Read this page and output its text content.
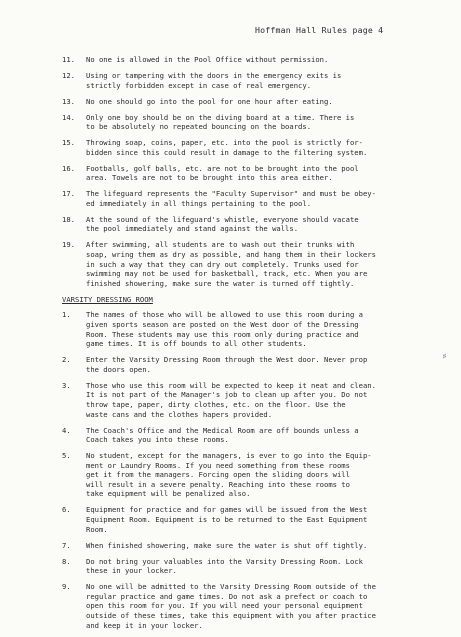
Hoffman Hall Rules page 4
11.	No one is allowed in the Pool Office without permission.
12.	Using or tampering with the doors in the emergency exits is
strictly forbidden except in case of real emergency.
13.	No one should go into the pool for one hour after eating.
14.	Only one boy should be on the diving board at a time. There is
to be absolutely no repeated bouncing on the boards.
15.	Throwing soap, coins, paper, etc. into the pool is strictly for-
bidden since this could result in damage to the filtering system.
16.	Footballs, golf balls, etc. are not to be brought into the pool
area. Towels are not to be brought into this area either.
17.	The lifeguard represents the "Faculty Supervisor" and must be obey-
ed immediately in all things pertaining to the pool.
18.	At the sound of the lifeguard's whistle, everyone should vacate
the pool immediately and stand against the walls.
19.	After swimming, all students are to wash out their trunks with
soap, wring them as dry as possible, and hang them in their lockers
in such a way that they can dry out completely. Trunks used for
swimming may not be used for basketball, track, etc. When you are
finished showering, make sure the water is turned off tightly.
VARSITY DRESSING ROOM
1.	The names of those who will be allowed to use this room during a
given sports season are posted on the West door of the Dressing
Room. These students may use this room only during practice and
game times. It is off bounds to all other students.
2.	Enter the Varsity Dressing Room through the West door. Never prop
the doors open.
3.	Those who use this room will be expected to keep it neat and clean.
It is not part of the Manager's job to clean up after you. Do not
throw tape, paper, dirty clothes, etc. on the floor. Use the
waste cans and the clothes hapers provided.
4.	The Coach's Office and the Medical Room are off bounds unless a
Coach takes you into these rooms.
5.	No student, except for the managers, is ever to go into the Equip-
ment or Laundry Rooms. If you need something from these rooms
get it from the managers. Forcing open the sliding doors will
will result in a severe penalty. Reaching into these rooms to
take equipment will be penalized also.
6.	Equipment for practice and for games will be issued from the West
Equipment Room. Equipment is to be returned to the East Equipment
Room.
7.	When finished showering, make sure the water is shut off tightly.
8.	Do not bring your valuables into the Varsity Dressing Room. Lock
these in your locker.
9.	No one will be admitted to the Varsity Dressing Room outside of the
regular practice and game times. Do not ask a prefect or coach to
open this room for you. If you will need your personal equipment
outside of these times, take this equipment with you after practice
and keep it in your locker.
♯
